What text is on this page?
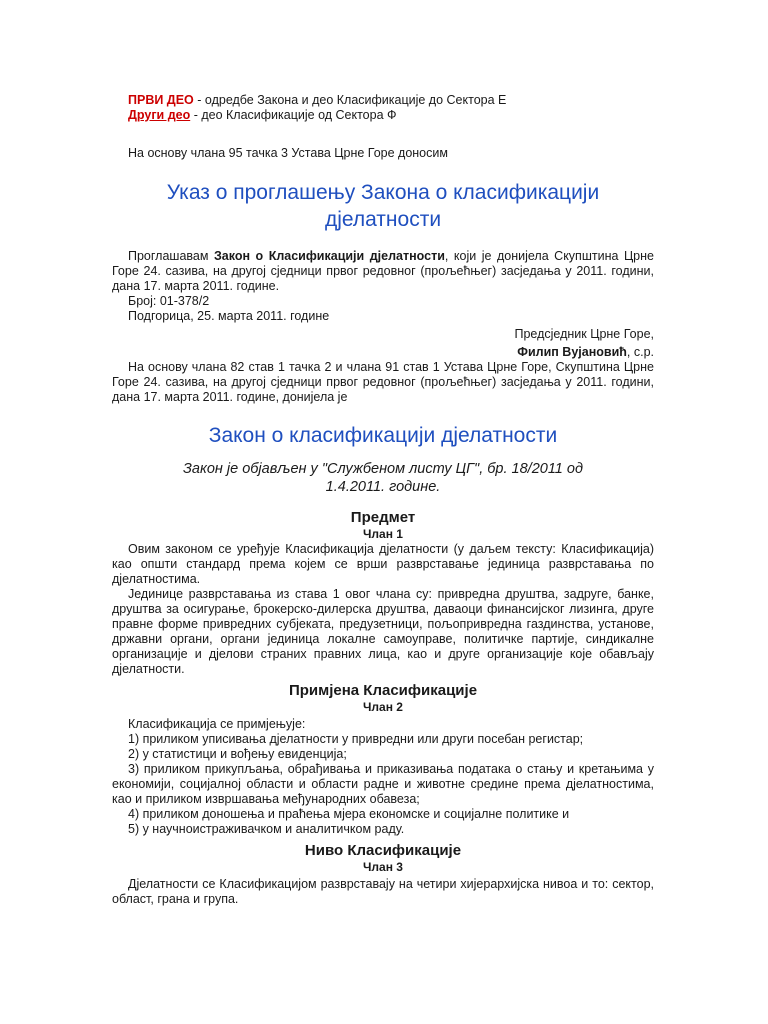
ПРВИ ДЕО - одредбе Закона и део Класификације до Сектора Е

Други део - део Класификације од Сектора Ф

На основу члана 95 тачка 3 Устава Црне Горе доносим

Указ о проглашењу Закона о класификацији дјелатности

Проглашавам Закон о Класификацији дјелатности, који је донијела Скупштина Црне Горе 24. сазива, на другој сједници првог редовног (прољећњег) засједања у 2011. години, дана 17. марта 2011. године.

Број: 01-378/2

Подгорица, 25. марта 2011. године

Предсједник Црне Горе,

Филип Вујановић, с.р.

На основу члана 82 став 1 тачка 2 и члана 91 став 1 Устава Црне Горе, Скупштина Црне Горе 24. сазива, на другој сједници првог редовног (прољећњег) засједања у 2011. години, дана 17. марта 2011. године, донијела је

Закон о класификацији дјелатности

Закон је објављен у "Службеном листу ЦГ", бр. 18/2011 од 1.4.2011. године.

Предмет

Члан 1

Овим законом се уређује Класификација дјелатности (у даљем тексту: Класификација) као општи стандард према којем се врши разврставање јединица разврставања по дјелатностима.

Јединице разврставања из става 1 овог члана су: привредна друштва, задруге, банке, друштва за осигурање, брокерско-дилерска друштва, даваоци финансијског лизинга, друге правне форме привредних субјеката, предузетници, пољопривредна газдинства, установе, државни органи, органи јединица локалне самоуправе, политичке партије, синдикалне организације и дјелови страних правних лица, као и друге организације које обављају дјелатности.

Примјена Класификације

Члан 2

Класификација се примјењује:

1) приликом уписивања дјелатности у привредни или други посебан регистар;

2) у статистици и вођењу евиденција;

3) приликом прикупљања, обрађивања и приказивања података о стању и кретањима у економији, социјалној области и области радне и животне средине према дјелатностима, као и приликом извршавања међународних обавеза;

4) приликом доношења и праћења мјера економске и социјалне политике и

5) у научноистраживачком и аналитичком раду.

Ниво Класификације

Члан 3

Дјелатности се Класификацијом разврставају на четири хијерархијска нивоа и то: сектор, област, грана и група.
